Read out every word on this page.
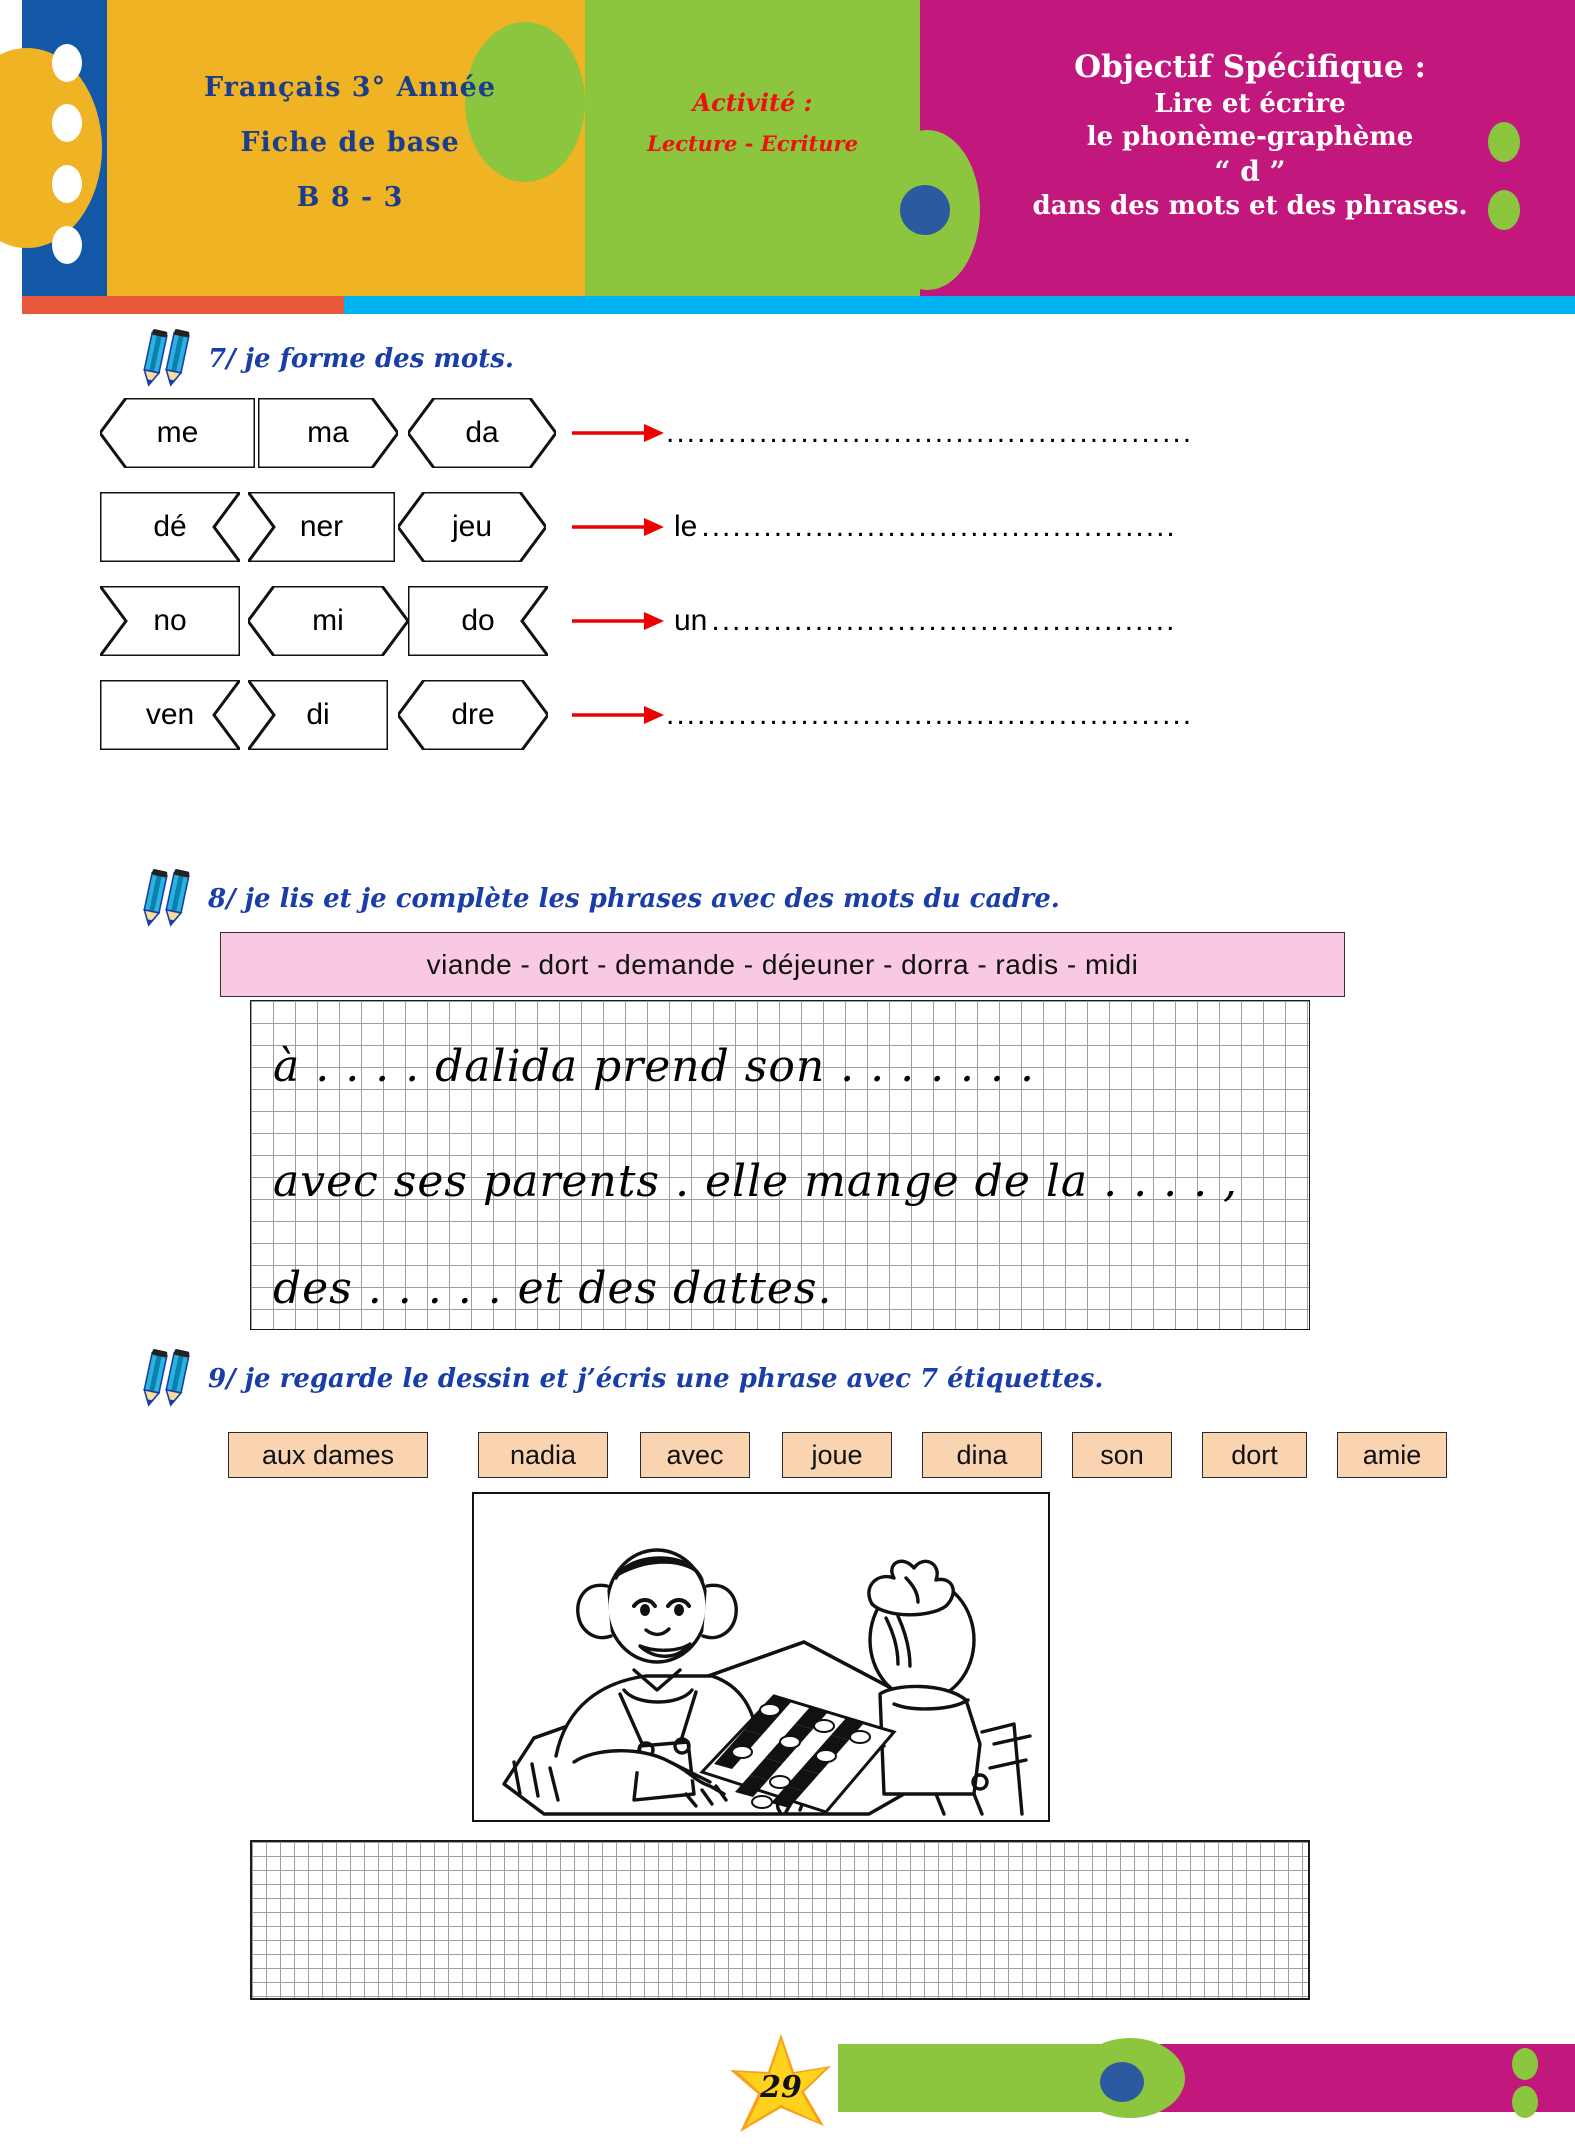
Français 3° Année
Fiche de base
B 8 - 3
Activité :
Lecture - Ecriture
Objectif Spécifique :
Lire et écrire
le phonème-graphème
“ d ”
dans des mots et des phrases.
7/ je forme des mots.
me	ma	da	...................................................
dé	ner	jeu	le ..............................................
no	mi	do	un .............................................
ven	di	dre	...................................................
8/ je lis et je complète les phrases avec des mots du cadre.
viande - dort - demande - déjeuner - dorra - radis - midi
à . . . . dalida prend son . . . . . . .
avec ses parents . elle mange de la . . . . ,
des . . . . . et des dattes.
9/ je regarde le dessin et j’écris une phrase avec 7 étiquettes.
aux dames	nadia	avec	joue	dina	son	dort	amie
29
